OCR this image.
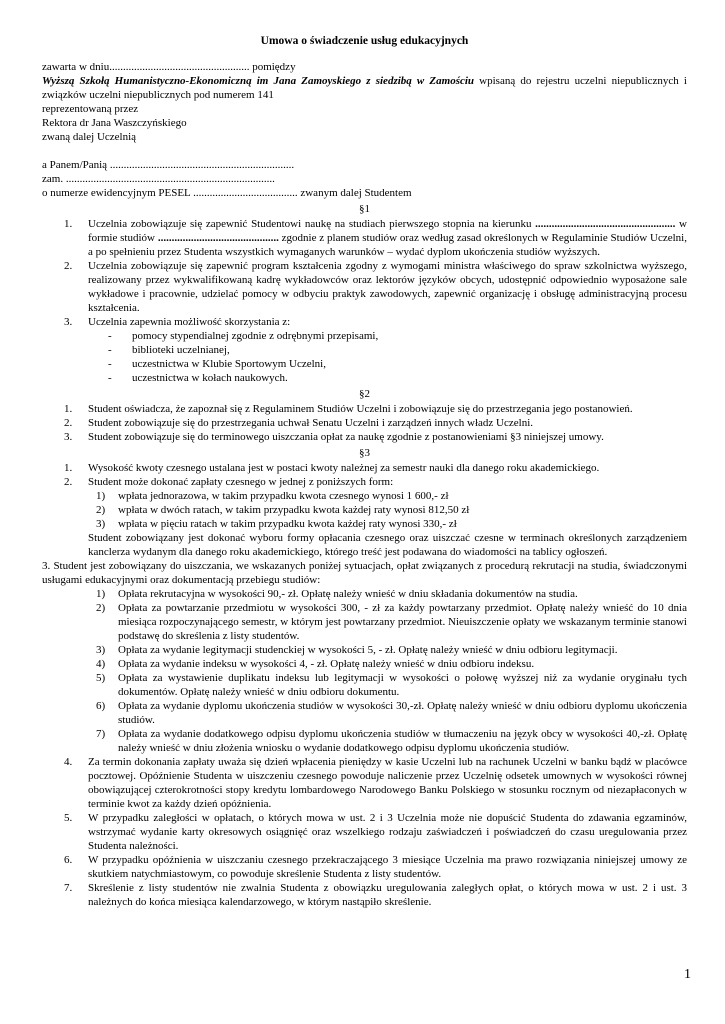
Umowa o świadczenie usług edukacyjnych

zawarta w dniu................................................... pomiędzy

Wyższą Szkołą Humanistyczno-Ekonomiczną im Jana Zamoyskiego z siedzibą w Zamościu wpisaną do rejestru uczelni niepublicznych i związków uczelni niepublicznych pod numerem 141

reprezentowaną przez

Rektora dr Jana Waszczyńskiego

zwaną dalej Uczelnią

a Panem/Panią ...................................................................

zam. ............................................................................

o numerze ewidencyjnym PESEL ...................................... zwanym dalej Studentem

§1

1. Uczelnia zobowiązuje się zapewnić Studentowi naukę na studiach pierwszego stopnia na kierunku ................................................... w formie studiów ............................................ zgodnie z planem studiów oraz według zasad określonych w Regulaminie Studiów Uczelni, a po spełnieniu przez Studenta wszystkich wymaganych warunków – wydać dyplom ukończenia studiów wyższych.
2. Uczelnia zobowiązuje się zapewnić program kształcenia zgodny z wymogami ministra właściwego do spraw szkolnictwa wyższego, realizowany przez wykwalifikowaną kadrę wykładowców oraz lektorów języków obcych, udostępnić odpowiednio wyposażone sale wykładowe i pracownie, udzielać pomocy w odbyciu praktyk zawodowych, zapewnić organizację i obsługę administracyjną procesu kształcenia.
3. Uczelnia zapewnia możliwość skorzystania z:
- pomocy stypendialnej zgodnie z odrębnymi przepisami,
- biblioteki uczelnianej,
- uczestnictwa w Klubie Sportowym Uczelni,
- uczestnictwa w kołach naukowych.

§2

1. Student oświadcza, że zapoznał się z Regulaminem Studiów Uczelni i zobowiązuje się do przestrzegania jego postanowień.
2. Student zobowiązuje się do przestrzegania uchwał Senatu Uczelni i zarządzeń innych władz Uczelni.
3. Student zobowiązuje się do terminowego uiszczania opłat za naukę zgodnie z postanowieniami §3 niniejszej umowy.

§3

1. Wysokość kwoty czesnego ustalana jest w postaci kwoty należnej za semestr nauki dla danego roku akademickiego.
2. Student może dokonać zapłaty czesnego w jednej z poniższych form:
1) wpłata jednorazowa, w takim przypadku kwota czesnego wynosi 1 600,- zł
2) wpłata w dwóch ratach, w takim przypadku kwota każdej raty wynosi 812,50 zł
3) wpłata w pięciu ratach w takim przypadku kwota każdej raty wynosi 330,- zł
Student zobowiązany jest dokonać wyboru formy opłacania czesnego oraz uiszczać czesne w terminach określonych zarządzeniem kanclerza wydanym dla danego roku akademickiego, którego treść jest podawana do wiadomości na tablicy ogłoszeń.
3. Student jest zobowiązany do uiszczania, we wskazanych poniżej sytuacjach, opłat związanych z procedurą rekrutacji na studia, świadczonymi usługami edukacyjnymi oraz dokumentacją przebiegu studiów:
1) Opłata rekrutacyjna w wysokości 90,- zł. Opłatę należy wnieść w dniu składania dokumentów na studia.
2) Opłata za powtarzanie przedmiotu w wysokości 300, - zł za każdy powtarzany przedmiot. Opłatę należy wnieść do 10 dnia miesiąca rozpoczynającego semestr, w którym jest powtarzany przedmiot. Nieuiszczenie opłaty we wskazanym terminie stanowi podstawę do skreślenia z listy studentów.
3) Opłata za wydanie legitymacji studenckiej w wysokości 5, - zł. Opłatę należy wnieść w dniu odbioru legitymacji.
4) Opłata za wydanie indeksu w wysokości 4, - zł. Opłatę należy wnieść w dniu odbioru indeksu.
5) Opłata za wystawienie duplikatu indeksu lub legitymacji w wysokości o połowę wyższej niż za wydanie oryginału tych dokumentów. Opłatę należy wnieść w dniu odbioru dokumentu.
6) Opłata za wydanie dyplomu ukończenia studiów w wysokości 30,-zł. Opłatę należy wnieść w dniu odbioru dyplomu ukończenia studiów.
7) Opłata za wydanie dodatkowego odpisu dyplomu ukończenia studiów w tłumaczeniu na język obcy w wysokości 40,-zł. Opłatę należy wnieść w dniu złożenia wniosku o wydanie dodatkowego odpisu dyplomu ukończenia studiów.
4. Za termin dokonania zapłaty uważa się dzień wpłacenia pieniędzy w kasie Uczelni lub na rachunek Uczelni w banku bądź w placówce pocztowej. Opóźnienie Studenta w uiszczeniu czesnego powoduje naliczenie przez Uczelnię odsetek umownych w wysokości równej obowiązującej czterokrotności stopy kredytu lombardowego Narodowego Banku Polskiego w stosunku rocznym od niezapłaconych w terminie kwot za każdy dzień opóźnienia.
5. W przypadku zaległości w opłatach, o których mowa w ust. 2 i 3 Uczelnia może nie dopuścić Studenta do zdawania egzaminów, wstrzymać wydanie karty okresowych osiągnięć oraz wszelkiego rodzaju zaświadczeń i poświadczeń do czasu uregulowania przez Studenta należności.
6. W przypadku opóźnienia w uiszczaniu czesnego przekraczającego 3 miesiące Uczelnia ma prawo rozwiązania niniejszej umowy ze skutkiem natychmiastowym, co powoduje skreślenie Studenta z listy studentów.
7. Skreślenie z listy studentów nie zwalnia Studenta z obowiązku uregulowania zaległych opłat, o których mowa w ust. 2 i ust. 3 należnych do końca miesiąca kalendarzowego, w którym nastąpiło skreślenie.
1
